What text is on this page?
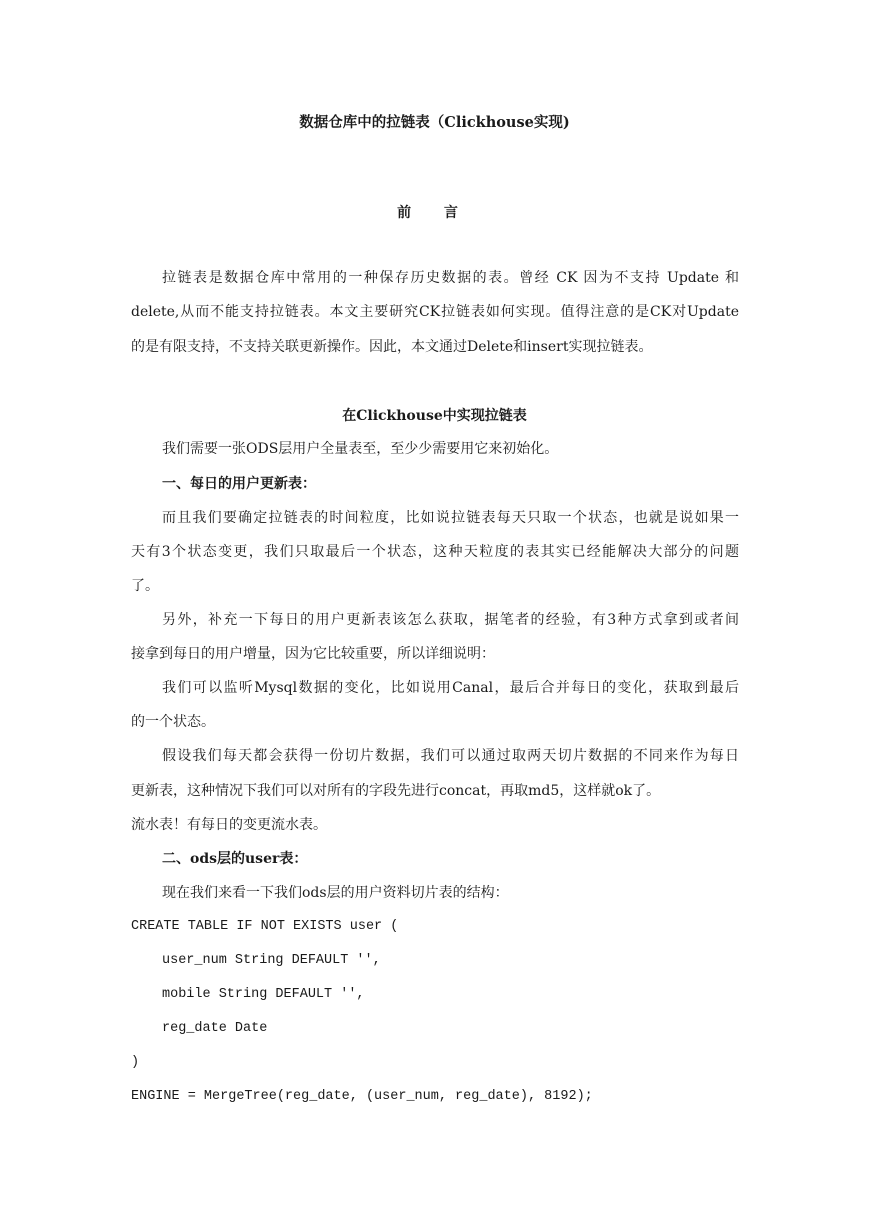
数据仓库中的拉链表（Clickhouse实现)
前 言
拉链表是数据仓库中常用的一种保存历史数据的表。曾经 CK 因为不支持 Update 和
delete,从而不能支持拉链表。本文主要研究CK拉链表如何实现。值得注意的是CK对Update
的是有限支持，不支持关联更新操作。因此，本文通过Delete和insert实现拉链表。
在Clickhouse中实现拉链表
我们需要一张ODS层用户全量表至，至少少需要用它来初始化。
一、每日的用户更新表：
而且我们要确定拉链表的时间粒度，比如说拉链表每天只取一个状态，也就是说如果一
天有3个状态变更，我们只取最后一个状态，这种天粒度的表其实已经能解决大部分的问题
了。
另外，补充一下每日的用户更新表该怎么获取，据笔者的经验，有3种方式拿到或者间
接拿到每日的用户增量，因为它比较重要，所以详细说明：
我们可以监听Mysql数据的变化，比如说用Canal，最后合并每日的变化，获取到最后
的一个状态。
假设我们每天都会获得一份切片数据，我们可以通过取两天切片数据的不同来作为每日
更新表，这种情况下我们可以对所有的字段先进行concat，再取md5，这样就ok了。
流水表！有每日的变更流水表。
二、ods层的user表：
现在我们来看一下我们ods层的用户资料切片表的结构：
CREATE TABLE IF NOT EXISTS user (
user_num String DEFAULT '',
mobile String DEFAULT '',
reg_date Date
)
ENGINE = MergeTree(reg_date, (user_num, reg_date), 8192);
